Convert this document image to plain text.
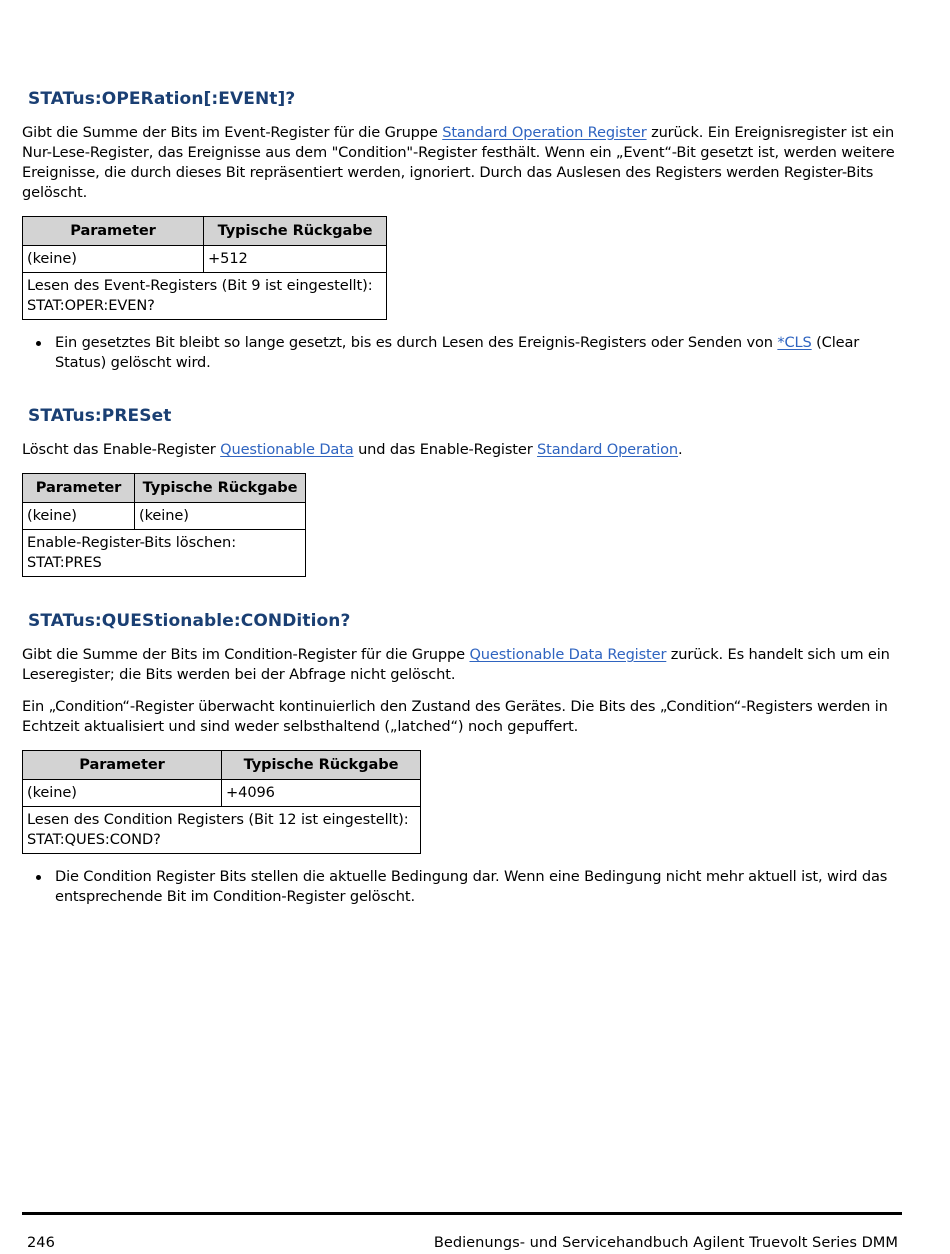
STATus:OPERation[:EVENt]?

Gibt die Summe der Bits im Event-Register für die Gruppe Standard Operation Register zurück. Ein Ereignisregister ist ein Nur-Lese-Register, das Ereignisse aus dem "Condition"-Register festhält. Wenn ein „Event“-Bit gesetzt ist, werden weitere Ereignisse, die durch dieses Bit repräsentiert werden, ignoriert. Durch das Auslesen des Registers werden Register-Bits gelöscht.

Parameter	Typische Rückgabe
(keine)	+512

Lesen des Event-Registers (Bit 9 ist eingestellt):
STAT:OPER:EVEN?	
Ein gesetztes Bit bleibt so lange gesetzt, bis es durch Lesen des Ereignis-Registers oder Senden von *CLS (Clear Status) gelöscht wird.
STATus:PRESet

Löscht das Enable-Register Questionable Data und das Enable-Register Standard Operation.

Parameter	Typische Rückgabe
(keine)	(keine)

Enable-Register-Bits löschen:
STAT:PRES	
STATus:QUEStionable:CONDition?

Gibt die Summe der Bits im Condition-Register für die Gruppe Questionable Data Register zurück. Es handelt sich um ein Leseregister; die Bits werden bei der Abfrage nicht gelöscht.

Ein „Condition“-Register überwacht kontinuierlich den Zustand des Gerätes. Die Bits des „Condition“-Registers werden in Echtzeit aktualisiert und sind weder selbsthaltend („latched“) noch gepuffert.

Parameter	Typische Rückgabe
(keine)	+4096

Lesen des Condition Registers (Bit 12 ist eingestellt):
STAT:QUES:COND?	
Die Condition Register Bits stellen die aktuelle Bedingung dar. Wenn eine Bedingung nicht mehr aktuell ist, wird das entsprechende Bit im Condition-Register gelöscht.
246	Bedienungs- und Servicehandbuch Agilent Truevolt Series DMM
